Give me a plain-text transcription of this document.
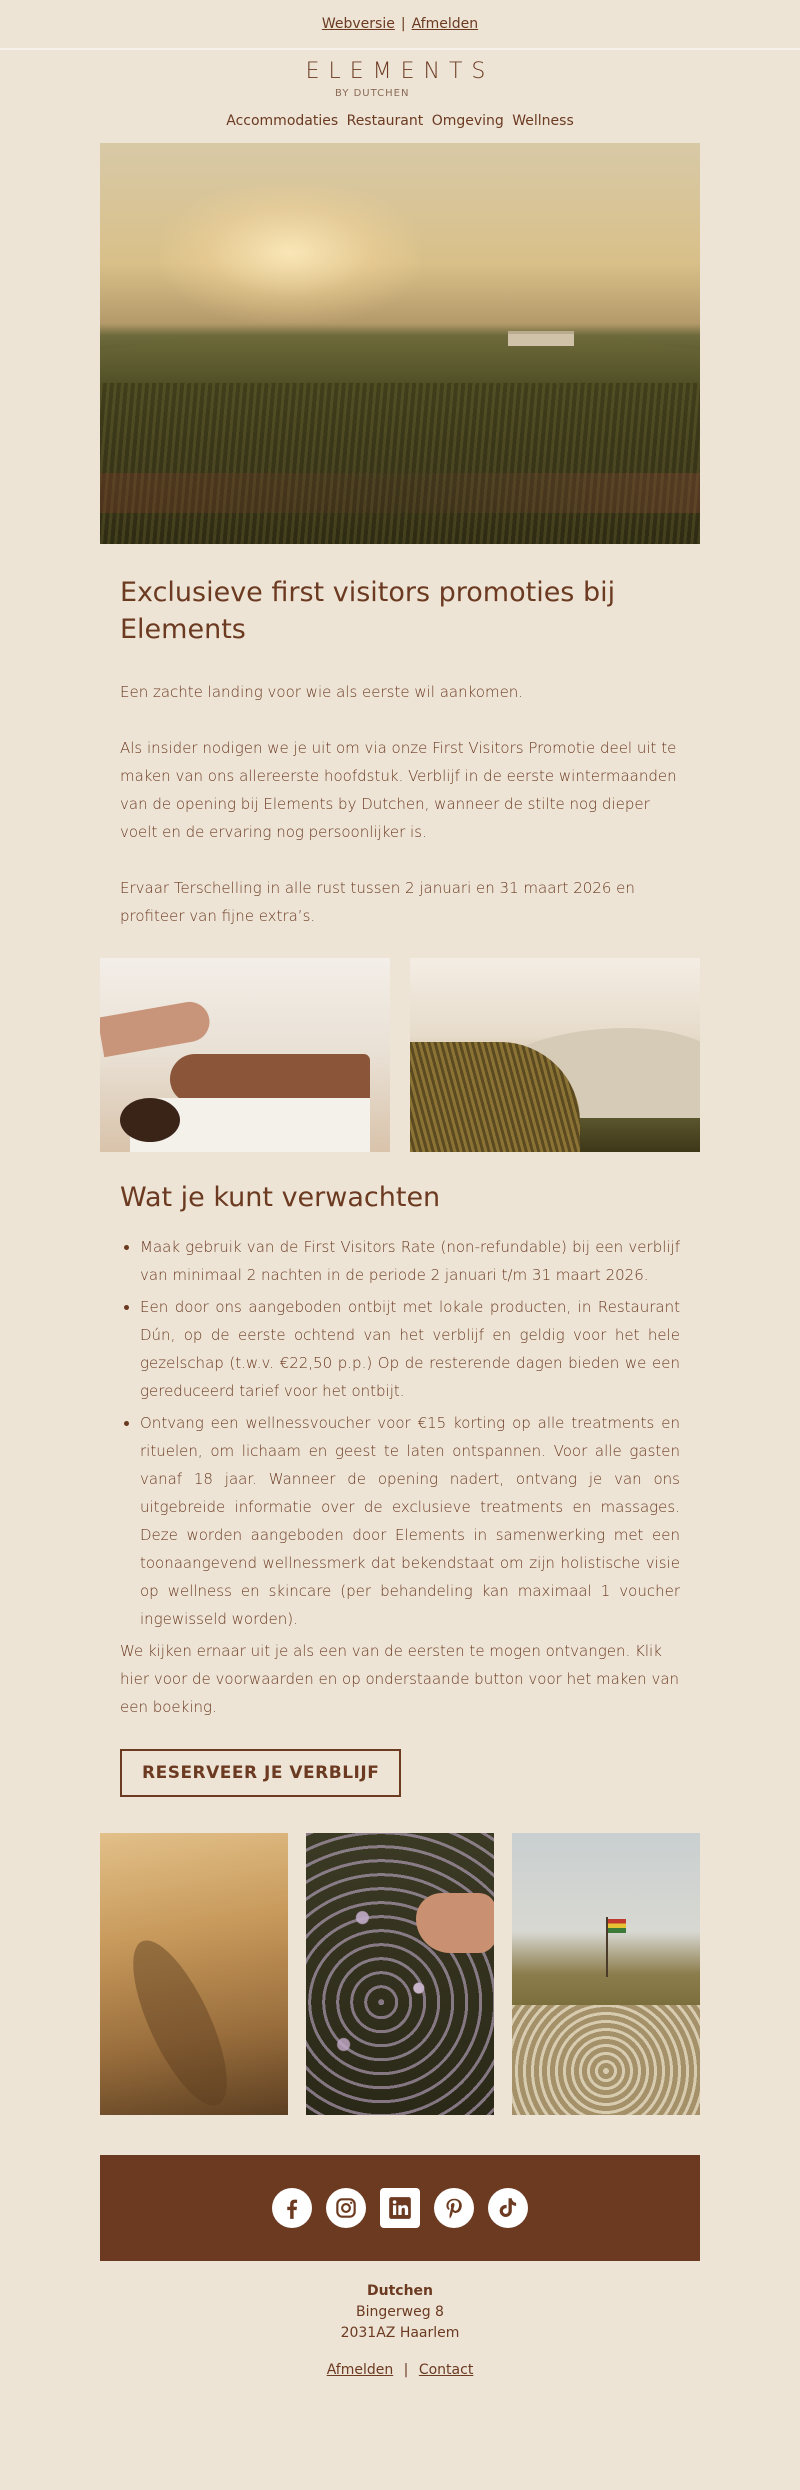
Webversie | Afmelden
ELEMENTS
BY DUTCHEN
Accommodaties Restaurant Omgeving Wellness
Exclusieve first visitors promoties bij Elements

Een zachte landing voor wie als eerste wil aankomen.

Als insider nodigen we je uit om via onze First Visitors Promotie deel uit te maken van ons allereerste hoofdstuk. Verblijf in de eerste wintermaanden van de opening bij Elements by Dutchen, wanneer de stilte nog dieper voelt en de ervaring nog persoonlijker is.

Ervaar Terschelling in alle rust tussen 2 januari en 31 maart 2026 en profiteer van fijne extra’s.

Wat je kunt verwachten
• Maak gebruik van de First Visitors Rate (non-refundable) bij een verblijf van minimaal 2 nachten in de periode 2 januari t/m 31 maart 2026.
• Een door ons aangeboden ontbijt met lokale producten, in Restaurant Dún, op de eerste ochtend van het verblijf en geldig voor het hele gezelschap (t.w.v. €22,50 p.p.) Op de resterende dagen bieden we een gereduceerd tarief voor het ontbijt.
• Ontvang een wellnessvoucher voor €15 korting op alle treatments en rituelen, om lichaam en geest te laten ontspannen. Voor alle gasten vanaf 18 jaar. Wanneer de opening nadert, ontvang je van ons uitgebreide informatie over de exclusieve treatments en massages. Deze worden aangeboden door Elements in samenwerking met een toonaangevend wellnessmerk dat bekendstaat om zijn holistische visie op wellness en skincare (per behandeling kan maximaal 1 voucher ingewisseld worden).

We kijken ernaar uit je als een van de eersten te mogen ontvangen. Klik hier voor de voorwaarden en op onderstaande button voor het maken van een boeking.

RESERVEER JE VERBLIJF
Dutchen
Bingerweg 8
2031AZ Haarlem
Afmelden | Contact
